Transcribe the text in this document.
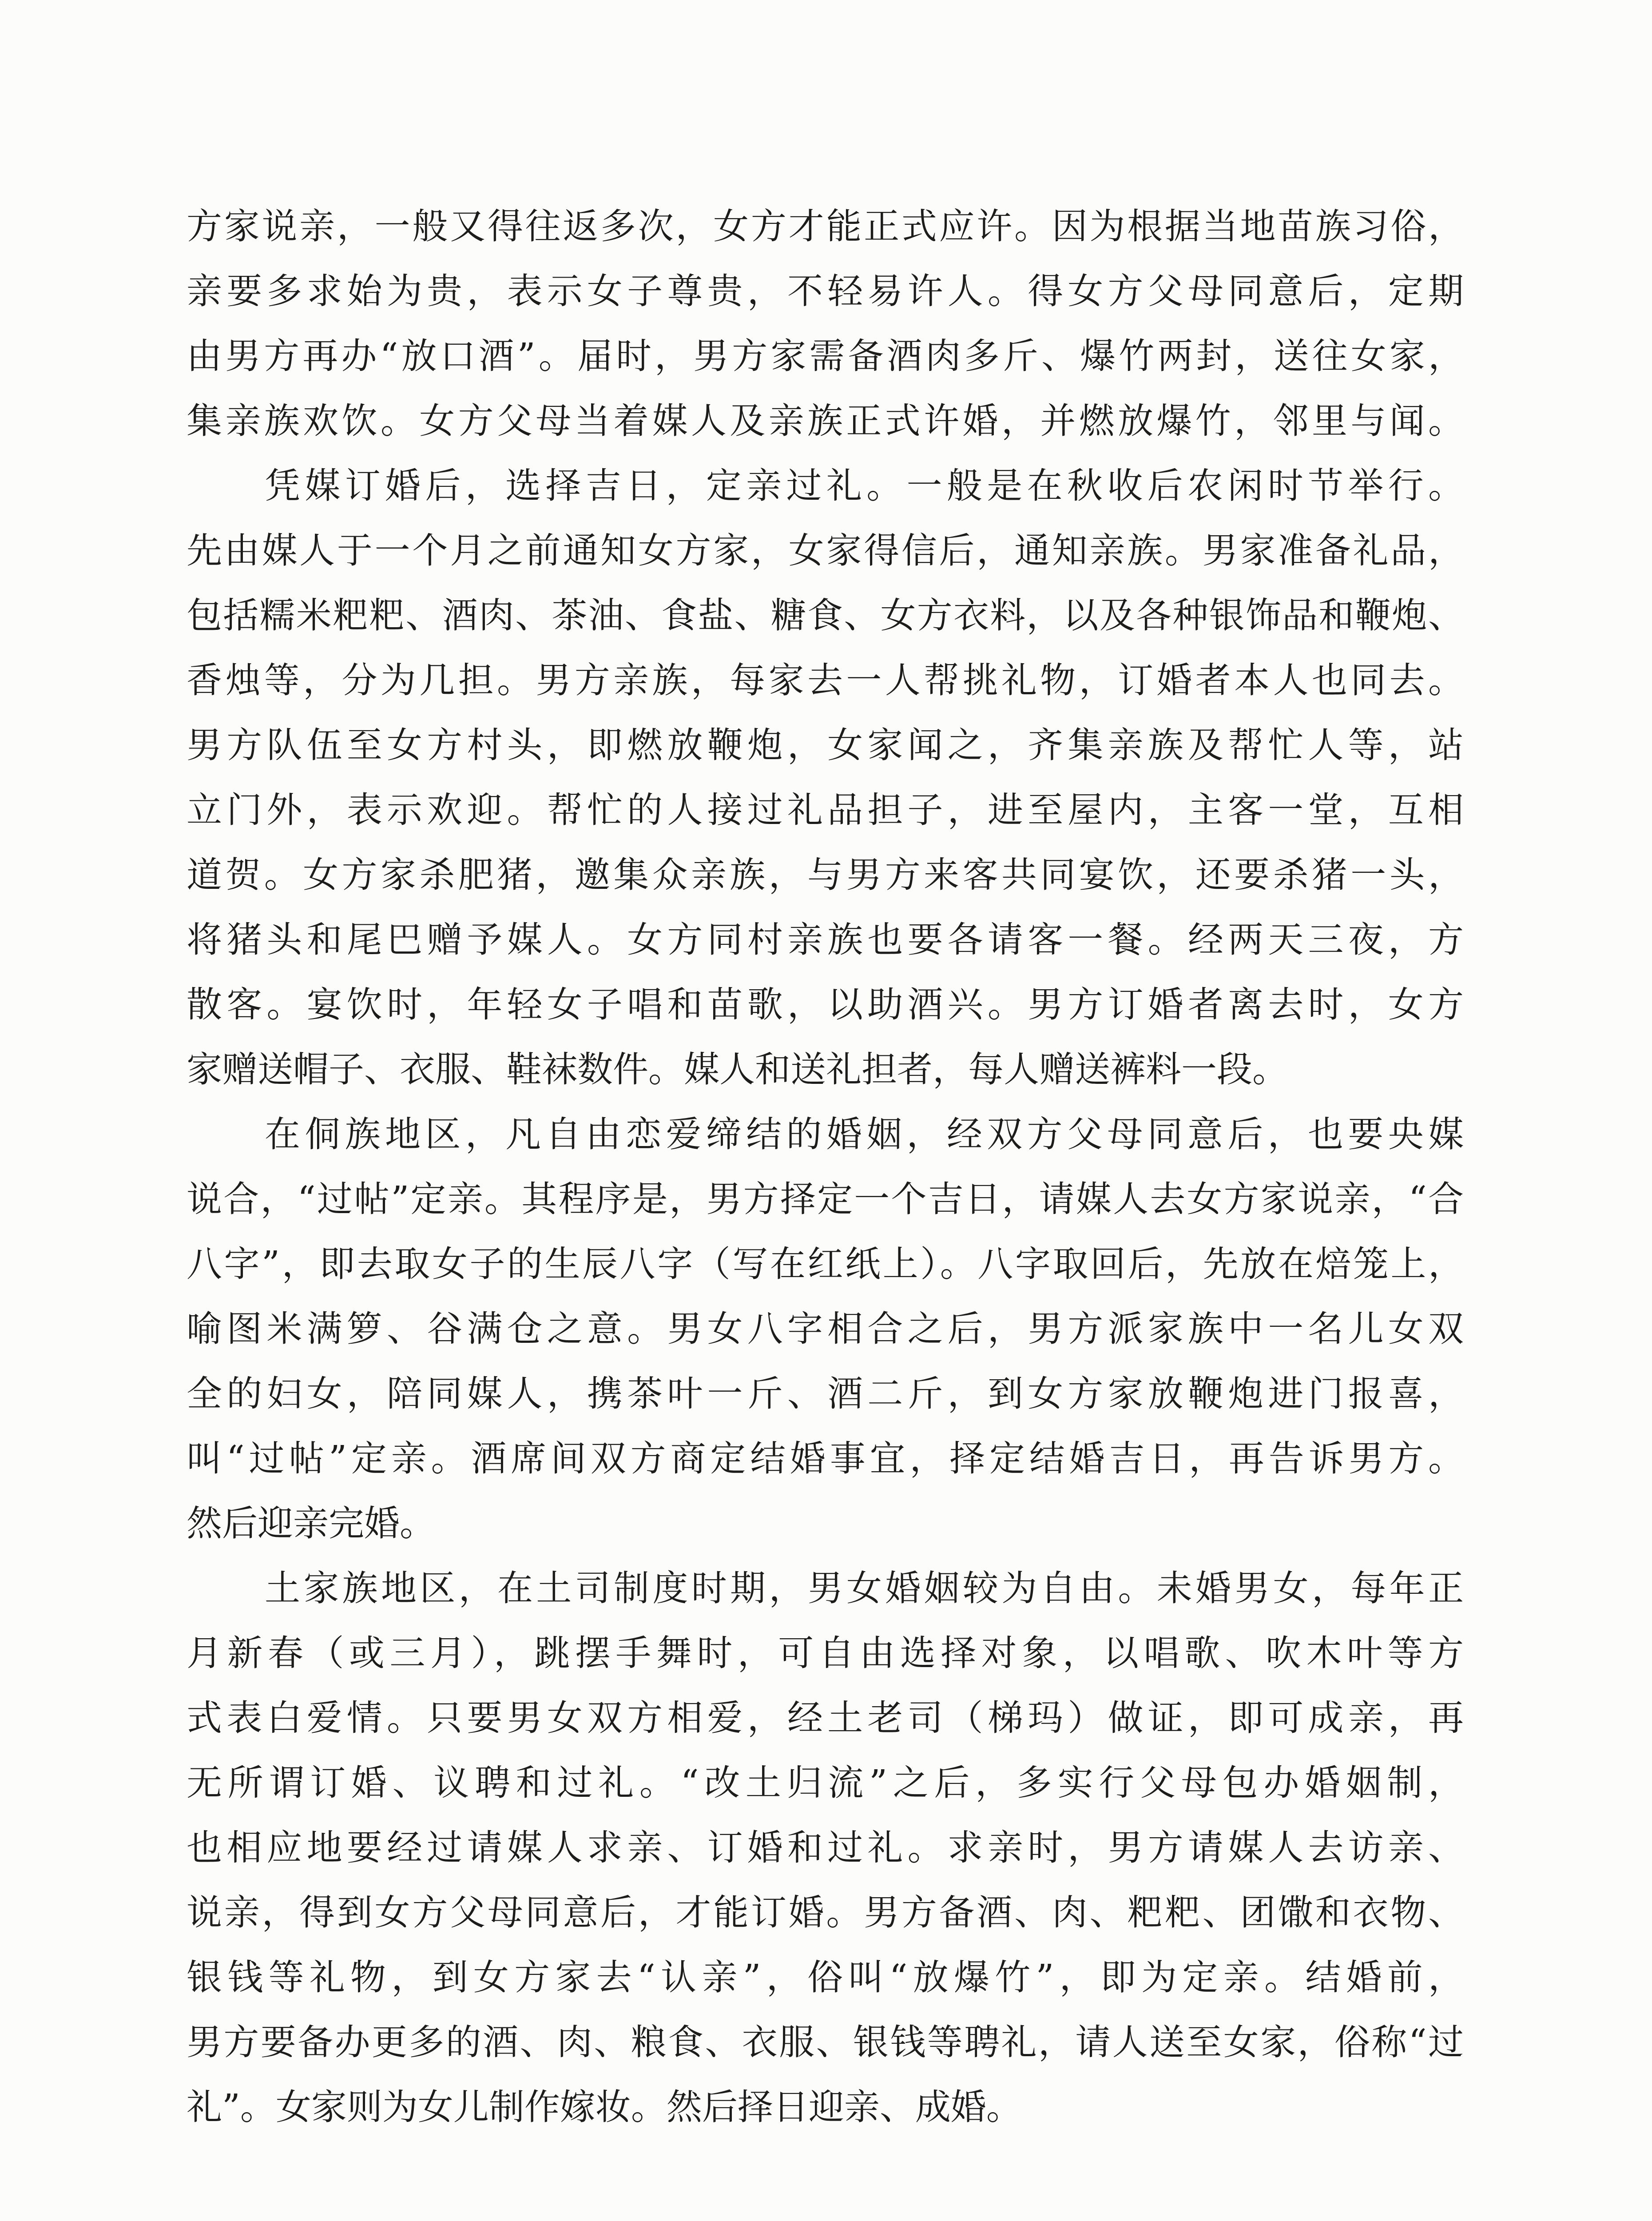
方家说亲，一般又得往返多次，女方才能正式应许。因为根据当地苗族习俗，
亲要多求始为贵，表示女子尊贵，不轻易许人。得女方父母同意后，定期
由男方再办“放口酒”。届时，男方家需备酒肉多斤、爆竹两封，送往女家，
集亲族欢饮。女方父母当着媒人及亲族正式许婚，并燃放爆竹，邻里与闻。
凭媒订婚后，选择吉日，定亲过礼。一般是在秋收后农闲时节举行。
先由媒人于一个月之前通知女方家，女家得信后，通知亲族。男家准备礼品，
包括糯米粑粑、酒肉、茶油、食盐、糖食、女方衣料，以及各种银饰品和鞭炮、
香烛等，分为几担。男方亲族，每家去一人帮挑礼物，订婚者本人也同去。
男方队伍至女方村头，即燃放鞭炮，女家闻之，齐集亲族及帮忙人等，站
立门外，表示欢迎。帮忙的人接过礼品担子，进至屋内，主客一堂，互相
道贺。女方家杀肥猪，邀集众亲族，与男方来客共同宴饮，还要杀猪一头，
将猪头和尾巴赠予媒人。女方同村亲族也要各请客一餐。经两天三夜，方
散客。宴饮时，年轻女子唱和苗歌，以助酒兴。男方订婚者离去时，女方
家赠送帽子、衣服、鞋袜数件。媒人和送礼担者，每人赠送裤料一段。
在侗族地区，凡自由恋爱缔结的婚姻，经双方父母同意后，也要央媒
说合，“过帖”定亲。其程序是，男方择定一个吉日，请媒人去女方家说亲，“合
八字”，即去取女子的生辰八字（写在红纸上）。八字取回后，先放在焙笼上，
喻图米满箩、谷满仓之意。男女八字相合之后，男方派家族中一名儿女双
全的妇女，陪同媒人，携茶叶一斤、酒二斤，到女方家放鞭炮进门报喜，
叫“过帖”定亲。酒席间双方商定结婚事宜，择定结婚吉日，再告诉男方。
然后迎亲完婚。
土家族地区，在土司制度时期，男女婚姻较为自由。未婚男女，每年正
月新春（或三月），跳摆手舞时，可自由选择对象，以唱歌、吹木叶等方
式表白爱情。只要男女双方相爱，经土老司（梯玛）做证，即可成亲，再
无所谓订婚、议聘和过礼。“改土归流”之后，多实行父母包办婚姻制，
也相应地要经过请媒人求亲、订婚和过礼。求亲时，男方请媒人去访亲、
说亲，得到女方父母同意后，才能订婚。男方备酒、肉、粑粑、团馓和衣物、
银钱等礼物，到女方家去“认亲”，俗叫“放爆竹”，即为定亲。结婚前，
男方要备办更多的酒、肉、粮食、衣服、银钱等聘礼，请人送至女家，俗称“过
礼”。女家则为女儿制作嫁妆。然后择日迎亲、成婚。
